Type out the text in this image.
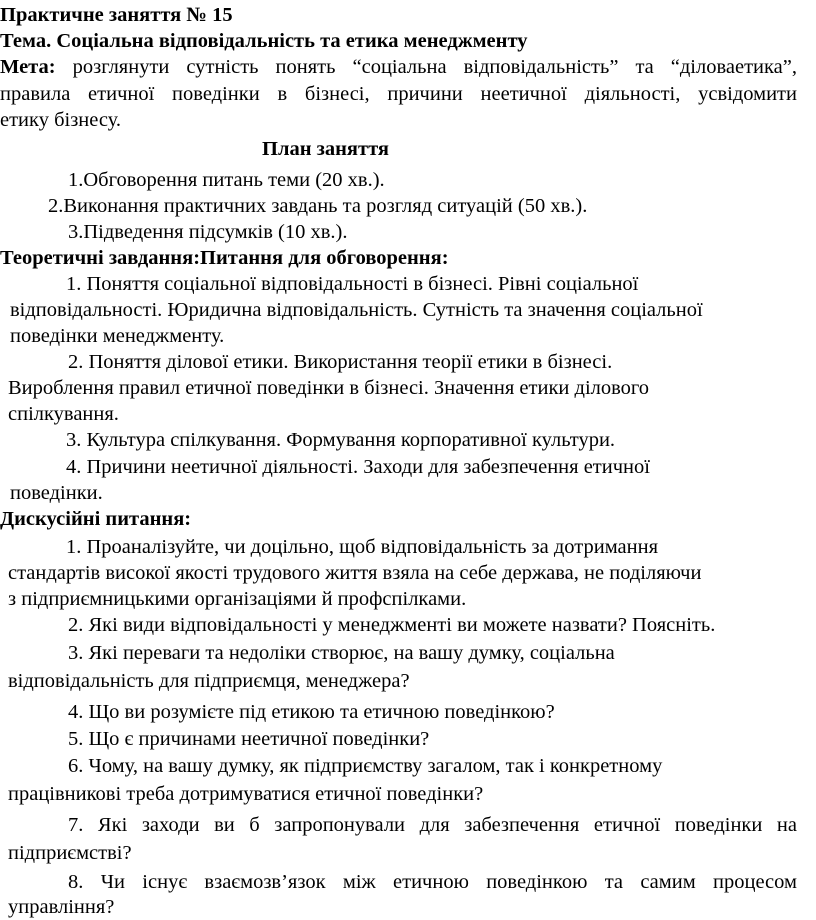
Практичне заняття № 15
Тема. Соціальна відповідальність та етика менеджменту
Мета: розглянути сутність понять “соціальна відповідальність” та “діловаетика”,
правила етичної поведінки в бізнесі, причини неетичної діяльності, усвідомити
етику бізнесу.
План заняття
1.Обговорення питань теми (20 хв.).
2.Виконання практичних завдань та розгляд ситуацій (50 хв.).
3.Підведення підсумків (10 хв.).
Теоретичні завдання:Питання для обговорення:
1. Поняття соціальної відповідальності в бізнесі. Рівні соціальної
відповідальності. Юридична відповідальність. Сутність та значення соціальної
поведінки менеджменту.
2. Поняття ділової етики. Використання теорії етики в бізнесі.
Вироблення правил етичної поведінки в бізнесі. Значення етики ділового
спілкування.
3. Культура спілкування. Формування корпоративної культури.
4. Причини неетичної діяльності. Заходи для забезпечення етичної
поведінки.
Дискусійні питання:
1. Проаналізуйте, чи доцільно, щоб відповідальність за дотримання
стандартів високої якості трудового життя взяла на себе держава, не поділяючи
з підприємницькими організаціями й профспілками.
2. Які види відповідальності у менеджменті ви можете назвати? Поясніть.
3. Які переваги та недоліки створює, на вашу думку, соціальна
відповідальність для підприємця, менеджера?
4. Що ви розумієте під етикою та етичною поведінкою?
5. Що є причинами неетичної поведінки?
6. Чому, на вашу думку, як підприємству загалом, так і конкретному
працівникові треба дотримуватися етичної поведінки?
7. Які заходи ви б запропонували для забезпечення етичної поведінки на
підприємстві?
8. Чи існує взаємозв’язок між етичною поведінкою та самим процесом
управління?
